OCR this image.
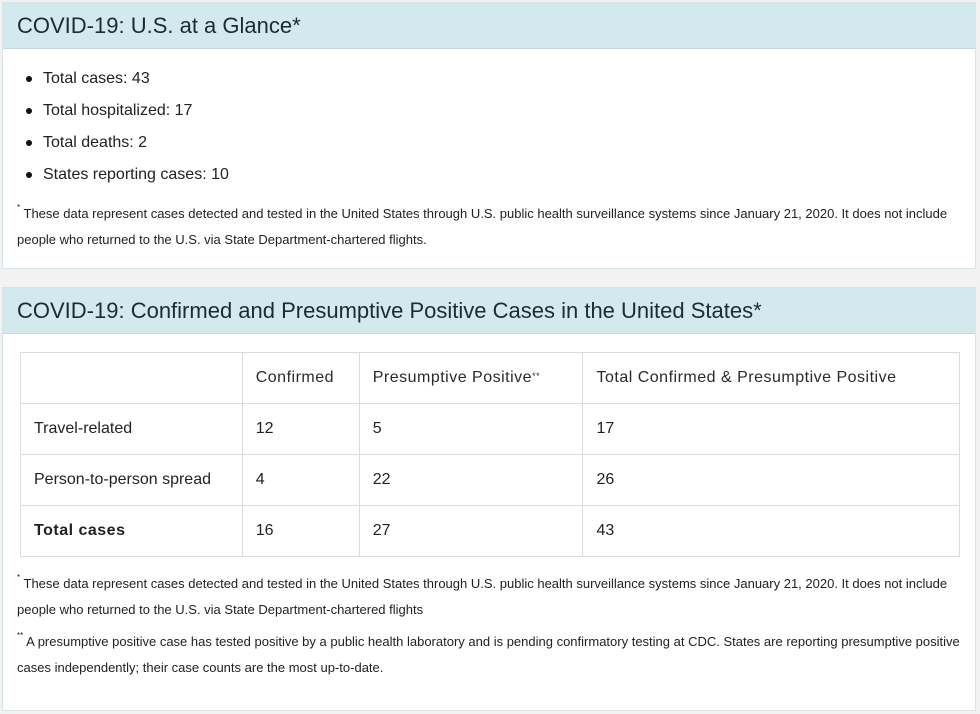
COVID-19: U.S. at a Glance*
Total cases: 43
Total hospitalized: 17
Total deaths: 2
States reporting cases: 10

* These data represent cases detected and tested in the United States through U.S. public health surveillance systems since January 21, 2020. It does not include people who returned to the U.S. via State Department-chartered flights.

COVID-19: Confirmed and Presumptive Positive Cases in the United States*
	Confirmed	Presumptive Positive**	Total Confirmed & Presumptive Positive
Travel-related	12	5	17
Person-to-person spread	4	22	26
Total cases	16	27	43

* These data represent cases detected and tested in the United States through U.S. public health surveillance systems since January 21, 2020. It does not include people who returned to the U.S. via State Department-chartered flights

** A presumptive positive case has tested positive by a public health laboratory and is pending confirmatory testing at CDC. States are reporting presumptive positive cases independently; their case counts are the most up-to-date.
